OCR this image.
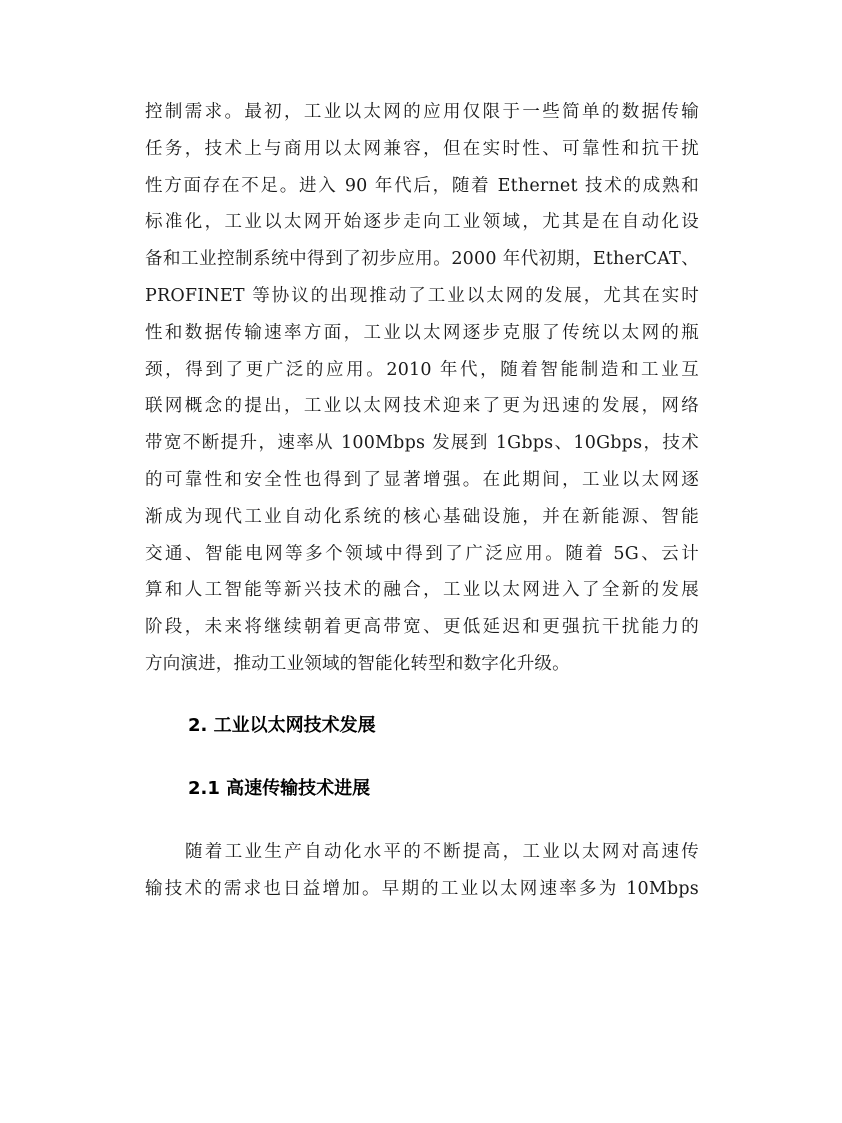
控制需求。最初，工业以太网的应用仅限于一些简单的数据传输
任务，技术上与商用以太网兼容，但在实时性、可靠性和抗干扰
性方面存在不足。进入 90 年代后，随着 Ethernet 技术的成熟和
标准化，工业以太网开始逐步走向工业领域，尤其是在自动化设
备和工业控制系统中得到了初步应用。2000 年代初期，EtherCAT、
PROFINET 等协议的出现推动了工业以太网的发展，尤其在实时
性和数据传输速率方面，工业以太网逐步克服了传统以太网的瓶
颈，得到了更广泛的应用。2010 年代，随着智能制造和工业互
联网概念的提出，工业以太网技术迎来了更为迅速的发展，网络
带宽不断提升，速率从 100Mbps 发展到 1Gbps、10Gbps，技术
的可靠性和安全性也得到了显著增强。在此期间，工业以太网逐
渐成为现代工业自动化系统的核心基础设施，并在新能源、智能
交通、智能电网等多个领域中得到了广泛应用。随着 5G、云计
算和人工智能等新兴技术的融合，工业以太网进入了全新的发展
阶段，未来将继续朝着更高带宽、更低延迟和更强抗干扰能力的
方向演进，推动工业领域的智能化转型和数字化升级。
2. 工业以太网技术发展
2.1 高速传输技术进展
随着工业生产自动化水平的不断提高，工业以太网对高速传
输技术的需求也日益增加。早期的工业以太网速率多为 10Mbps
